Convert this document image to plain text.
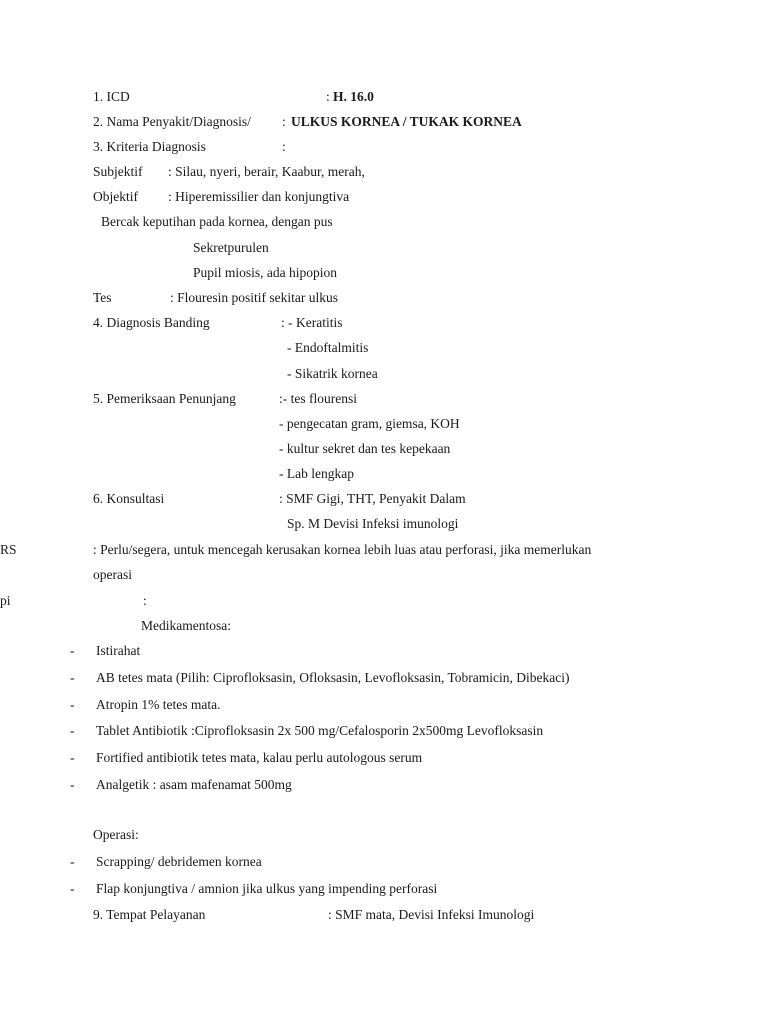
1. ICD	: H. 16.0
2. Nama Penyakit/Diagnosis/ : ULKUS KORNEA / TUKAK KORNEA
3. Kriteria Diagnosis	:
Subjektif : Silau, nyeri, berair, Kaabur, merah,
Objektif : Hiperemissilier dan konjungtiva
Bercak keputihan pada kornea, dengan pus
Sekretpurulen
Pupil miosis, ada hipopion
Tes	: Flouresin positif sekitar ulkus
4. Diagnosis Banding	: - Keratitis
- Endoftalmitis
- Sikatrik kornea
5. Pemeriksaan Penunjang	:- tes flourensi
- pengecatan gram, giemsa, KOH
- kultur sekret dan tes kepekaan
- Lab lengkap
6. Konsultasi	: SMF Gigi, THT, Penyakit Dalam
Sp. M Devisi Infeksi imunologi
RS	: Perlu/segera, untuk mencegah kerusakan kornea lebih luas atau perforasi, jika memerlukan
operasi
pi	:
Medikamentosa:
- Istirahat
- AB tetes mata (Pilih: Ciprofloksasin, Ofloksasin, Levofloksasin, Tobramicin, Dibekaci)
- Atropin 1% tetes mata.
- Tablet Antibiotik :Ciprofloksasin 2x 500 mg/Cefalosporin 2x500mg Levofloksasin
- Fortified antibiotik tetes mata, kalau perlu autologous serum
- Analgetik : asam mafenamat 500mg
Operasi:
- Scrapping/ debridemen kornea
- Flap konjungtiva / amnion jika ulkus yang impending perforasi
9. Tempat Pelayanan	: SMF mata, Devisi Infeksi Imunologi
